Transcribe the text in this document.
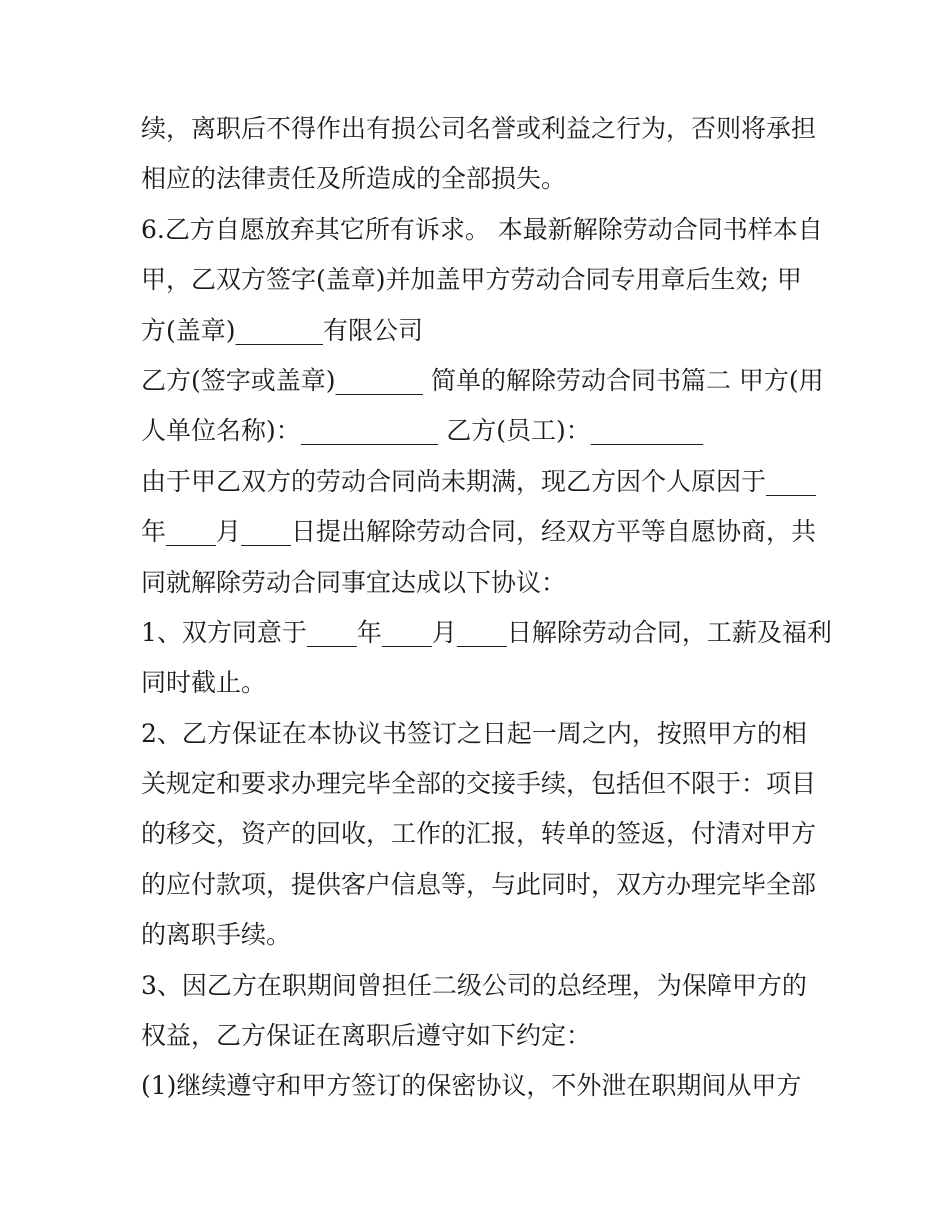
续，离职后不得作出有损公司名誉或利益之行为，否则将承担
相应的法律责任及所造成的全部损失。
6.乙方自愿放弃其它所有诉求。 本最新解除劳动合同书样本自
甲，乙双方签字(盖章)并加盖甲方劳动合同专用章后生效; 甲
方(盖章)_______有限公司
乙方(签字或盖章)_______ 简单的解除劳动合同书篇二 甲方(用
人单位名称)：___________ 乙方(员工)：_________
由于甲乙双方的劳动合同尚未期满，现乙方因个人原因于____
年____月____日提出解除劳动合同，经双方平等自愿协商，共
同就解除劳动合同事宜达成以下协议：
1、双方同意于____年____月____日解除劳动合同，工薪及福利
同时截止。
2、乙方保证在本协议书签订之日起一周之内，按照甲方的相
关规定和要求办理完毕全部的交接手续，包括但不限于：项目
的移交，资产的回收，工作的汇报，转单的签返，付清对甲方
的应付款项，提供客户信息等，与此同时，双方办理完毕全部
的离职手续。
3、因乙方在职期间曾担任二级公司的总经理，为保障甲方的
权益，乙方保证在离职后遵守如下约定：
(1)继续遵守和甲方签订的保密协议，不外泄在职期间从甲方
